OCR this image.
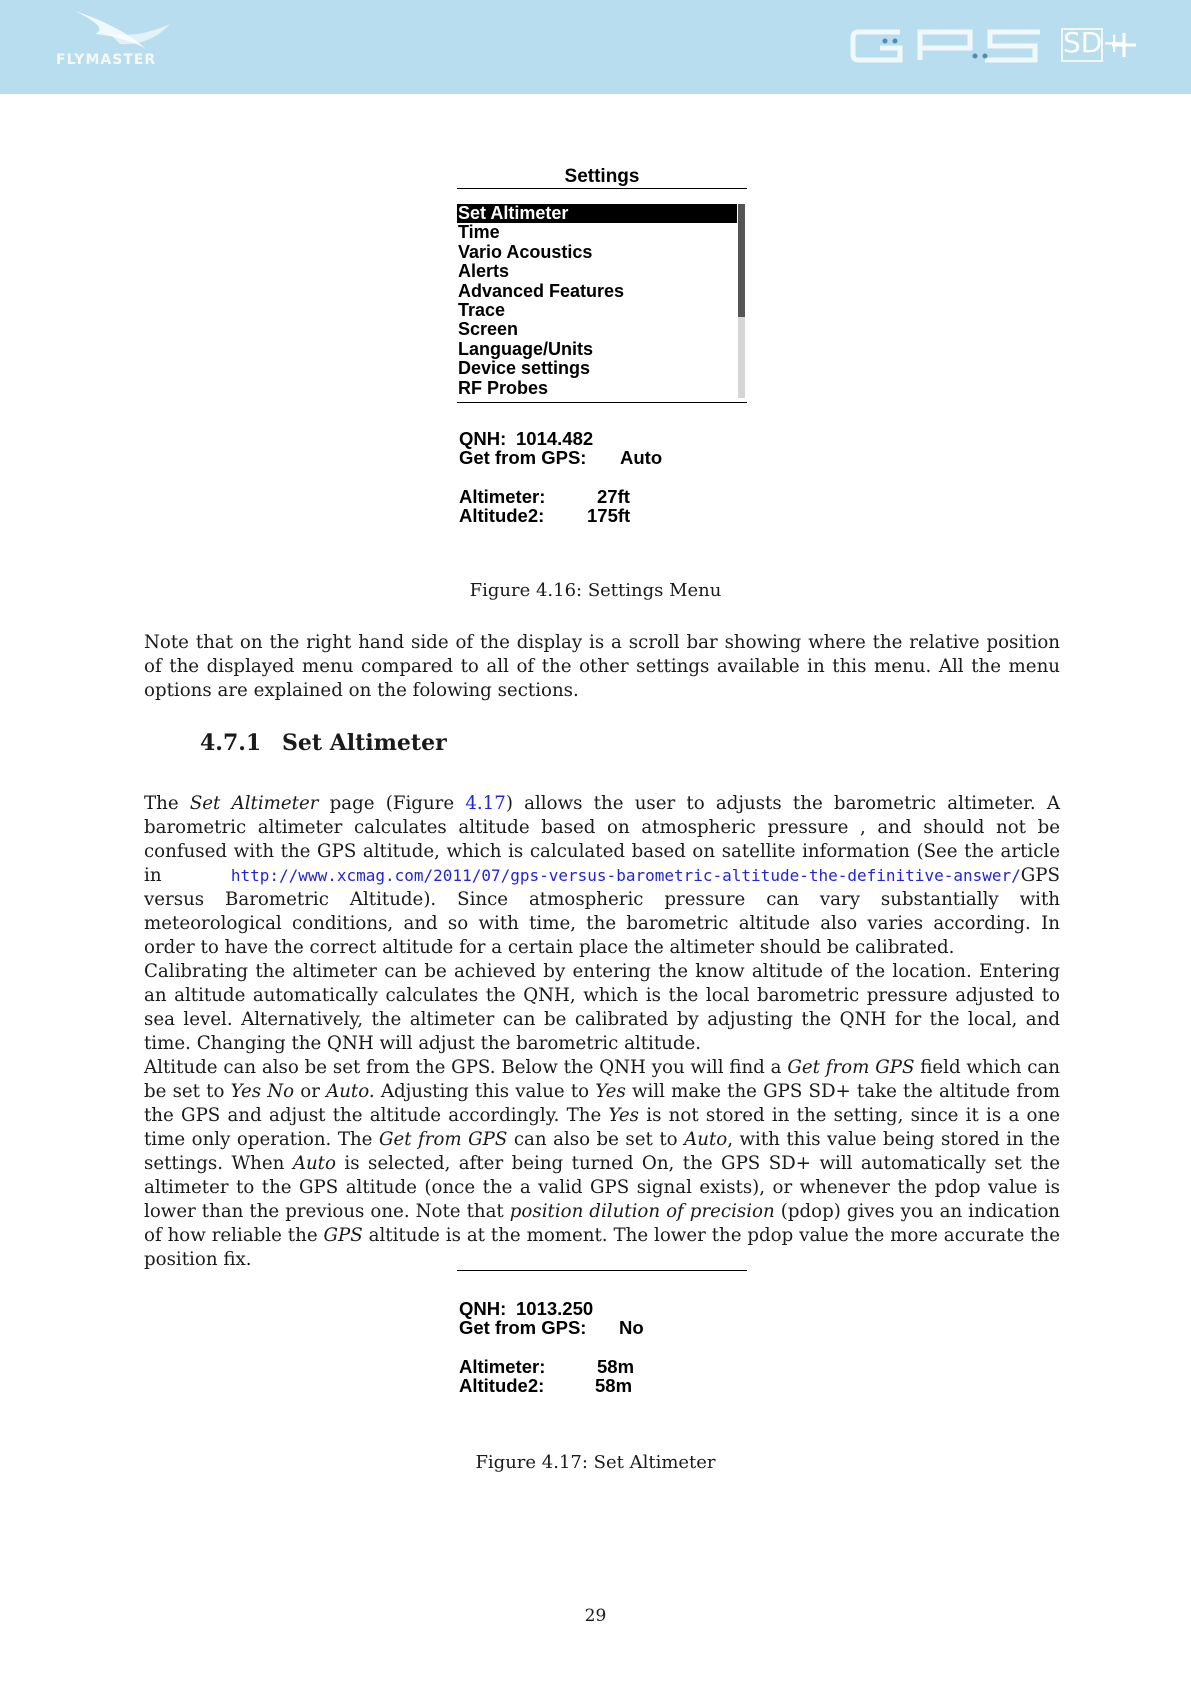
FLYMASTER
SD+
Settings
Set Altimeter
Time
Vario Acoustics
Alerts
Advanced Features
Trace
Screen
Language/Units
Device settings
RF Probes
QNH: 1014.482
Get from GPS: Auto
Altimeter:	27ft
Altitude2: 175ft
Figure 4.16: Settings Menu

Note that on the right hand side of the display is a scroll bar showing where the relative position of the displayed menu compared to all of the other settings available in this menu. All the menu options are explained on the folowing sections.

4.7.1 Set Altimeter

The Set Altimeter page (Figure 4.17) allows the user to adjusts the barometric altimeter. A barometric altimeter calculates altitude based on atmospheric pressure , and should not be confused with the GPS altitude, which is calculated based on satellite information (See the article in http://www.xcmag.com/2011/07/gps-versus-barometric-altitude-the-definitive-answer/GPS versus Barometric Altitude). Since atmospheric pressure can vary substantially with meteorological conditions, and so with time, the barometric altitude also varies according. In order to have the correct altitude for a certain place the altimeter should be calibrated.

Calibrating the altimeter can be achieved by entering the know altitude of the location. Entering an altitude automatically calculates the QNH, which is the local barometric pressure adjusted to sea level. Alternatively, the altimeter can be calibrated by adjusting the QNH for the local, and time. Changing the QNH will adjust the barometric altitude.

Altitude can also be set from the GPS. Below the QNH you will find a Get from GPS field which can be set to Yes No or Auto. Adjusting this value to Yes will make the GPS SD+ take the altitude from the GPS and adjust the altitude accordingly. The Yes is not stored in the setting, since it is a one time only operation. The Get from GPS can also be set to Auto, with this value being stored in the settings. When Auto is selected, after being turned On, the GPS SD+ will automatically set the altimeter to the GPS altitude (once the a valid GPS signal exists), or whenever the pdop value is lower than the previous one. Note that position dilution of precision (pdop) gives you an indication of how reliable the GPS altitude is at the moment. The lower the pdop value the more accurate the position fix.

QNH: 1013.250
Get from GPS: No
Altimeter:	58m
Altitude2:	58m
Figure 4.17: Set Altimeter
29
